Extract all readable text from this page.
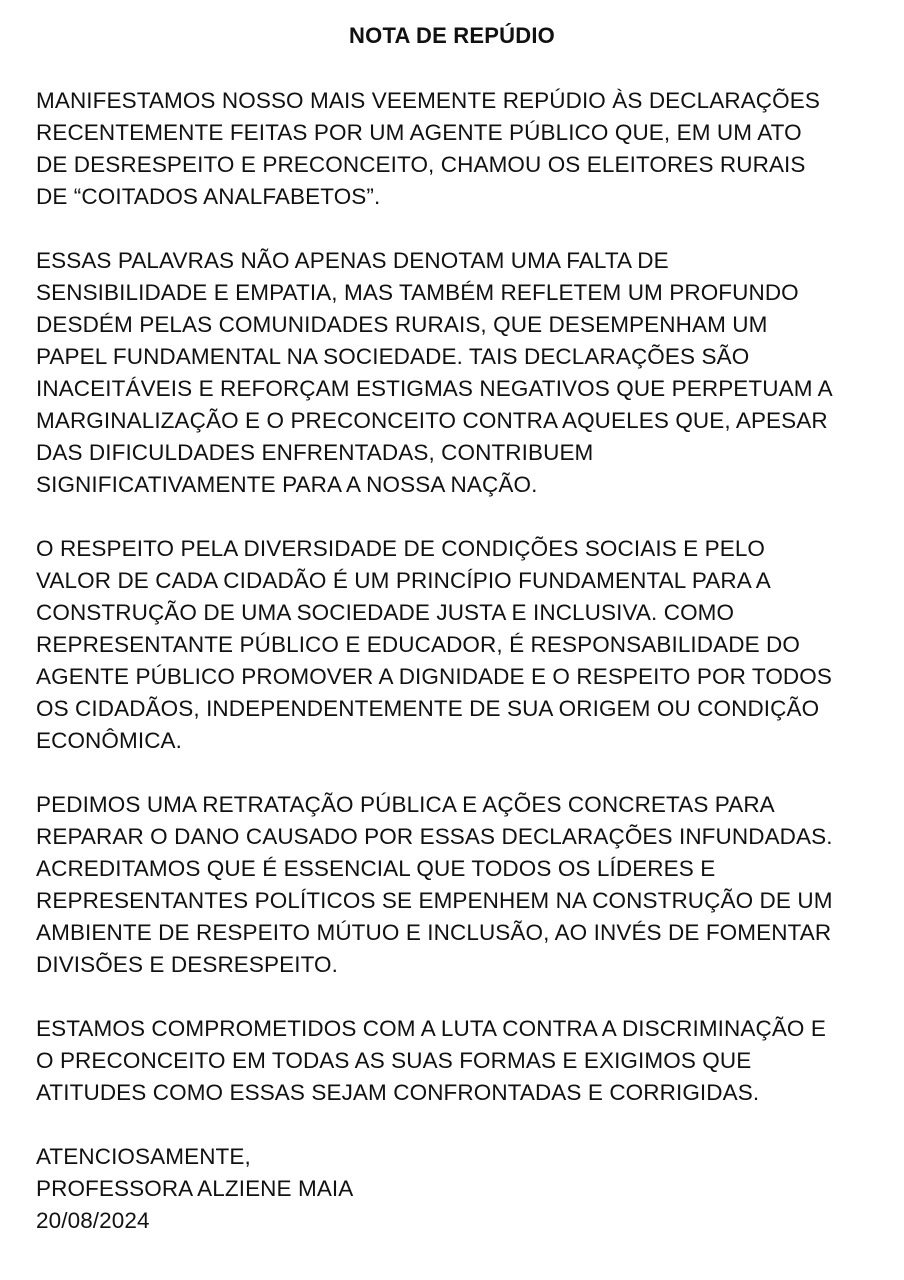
NOTA DE REPÚDIO

MANIFESTAMOS NOSSO MAIS VEEMENTE REPÚDIO ÀS DECLARAÇÕES
RECENTEMENTE FEITAS POR UM AGENTE PÚBLICO QUE, EM UM ATO
DE DESRESPEITO E PRECONCEITO, CHAMOU OS ELEITORES RURAIS
DE “COITADOS ANALFABETOS”.

ESSAS PALAVRAS NÃO APENAS DENOTAM UMA FALTA DE
SENSIBILIDADE E EMPATIA, MAS TAMBÉM REFLETEM UM PROFUNDO
DESDÉM PELAS COMUNIDADES RURAIS, QUE DESEMPENHAM UM
PAPEL FUNDAMENTAL NA SOCIEDADE. TAIS DECLARAÇÕES SÃO
INACEITÁVEIS E REFORÇAM ESTIGMAS NEGATIVOS QUE PERPETUAM A
MARGINALIZAÇÃO E O PRECONCEITO CONTRA AQUELES QUE, APESAR
DAS DIFICULDADES ENFRENTADAS, CONTRIBUEM
SIGNIFICATIVAMENTE PARA A NOSSA NAÇÃO.

O RESPEITO PELA DIVERSIDADE DE CONDIÇÕES SOCIAIS E PELO
VALOR DE CADA CIDADÃO É UM PRINCÍPIO FUNDAMENTAL PARA A
CONSTRUÇÃO DE UMA SOCIEDADE JUSTA E INCLUSIVA. COMO
REPRESENTANTE PÚBLICO E EDUCADOR, É RESPONSABILIDADE DO
AGENTE PÚBLICO PROMOVER A DIGNIDADE E O RESPEITO POR TODOS
OS CIDADÃOS, INDEPENDENTEMENTE DE SUA ORIGEM OU CONDIÇÃO
ECONÔMICA.

PEDIMOS UMA RETRATAÇÃO PÚBLICA E AÇÕES CONCRETAS PARA
REPARAR O DANO CAUSADO POR ESSAS DECLARAÇÕES INFUNDADAS.
ACREDITAMOS QUE É ESSENCIAL QUE TODOS OS LÍDERES E
REPRESENTANTES POLÍTICOS SE EMPENHEM NA CONSTRUÇÃO DE UM
AMBIENTE DE RESPEITO MÚTUO E INCLUSÃO, AO INVÉS DE FOMENTAR
DIVISÕES E DESRESPEITO.

ESTAMOS COMPROMETIDOS COM A LUTA CONTRA A DISCRIMINAÇÃO E
O PRECONCEITO EM TODAS AS SUAS FORMAS E EXIGIMOS QUE
ATITUDES COMO ESSAS SEJAM CONFRONTADAS E CORRIGIDAS.

ATENCIOSAMENTE,
PROFESSORA ALZIENE MAIA
20/08/2024
